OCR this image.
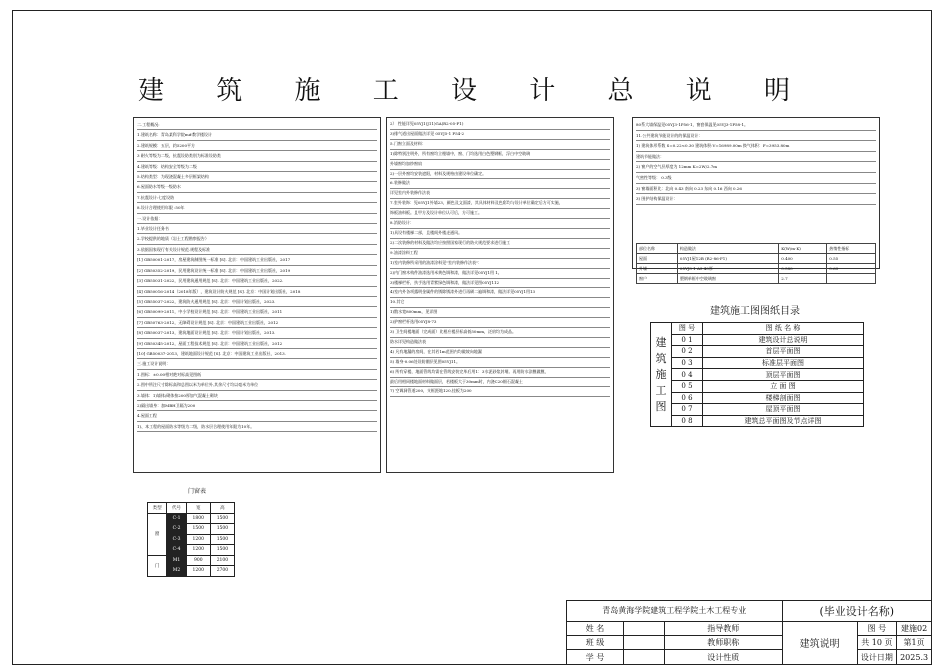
建 筑 施 工 设 计 总 说 明
二.工程概况:
1.建筑名称：青岛某科学院m#教学楼设计
2.建筑规模：五层，约5200平方
3 耐火等级为二级，抗震设防类别为标准设防类
4.建筑等级：结构安全等级为二级
5.结构类型：为现浇混凝土多层框架结构
6.屋面防水等级一级防水
7.抗震设计:七度设防
8.设计合理使用年限 :50年
一.设计依据：
1.毕业设计任务书
2.学校提供的地质（岩土工程勘察报告）
3.依据国家现行有关设计规范.规程及标准
[1] GB50001-2017，房屋建筑制图统一标准 [S]. 北京：中国建筑工业出版社，2017
[2] GB50352-2019，民用建筑设计统一标准 [S]. 北京：中国建筑工业出版社，2019
[3] GB55031-2022，民用建筑通用规范 [S]. 北京：中国建筑工业出版社，2022.
[4] GB50016-2014（2018年版），建筑设计防火规范 [S]. 北京：中国计划出版社，2018
[5] GB55037-2022，建筑防火通用规范 [S]. 北京：中国计划出版社，2023.
[6] GB50099-2011，中小学校设计规范 [S]. 北京：中国建筑工业出版社，2011
[7] GB50763-2012，无障碍设计规范 [S]. 北京：中国建筑工业出版社，2012
[8] GB50037-2013，建筑地面设计规范 [S]. 北京：中国计划出版社，2013.
[9] GB50345-2012，屋面工程技术规范 [S]. 北京：中国建筑工业出版社，2012
[10] GB50037-2013，建筑地面设计规范 [S]. 北京：中国建筑工业出版社，2013.
三.施工设计说明：
1.图标：±0.00相对绝对标高见图纸
2.图中所注尺寸除标高和总图以米为单位外,其余尺寸均以毫米为单位
3.墙体：1)墙体/砌体按200厚加气混凝土砌块
2)隔出墙身：加MBH卫隔为200
4.屋面工程
1)、本工程的屋面防水等级为二级，防水层合理使用年限为10年。
2） 性能详见05YJ1(J11)GA(R2-05-F1)
3)排气道出屋面做法详见 05YJ5-1 P54-2
5.门窗立面及材料：
1)除特别注明外，所有窗均立樘墙中，窗、门均选用白色塑钢框，浮白中空玻璃
外墙窗均加纱窗扇
2)一层外窗均安装遮阳，材料及规格由建设单位确定。
6.装修做法
详见室内外装修作法表
7.室外装饰：见05YJ1外墙23，颜色及文面漆，其具体材料及色彩均与设计单位确定后方可实施，
饰板油料板。且甲方及设计单位认可后，方可施工。
8.消防设计：
1)具设有楼梯二部，且楼间外楼走通风。
2)二次装修的材料及做法均应按照国家现行的防火规范要求进行施工
9.油漆涂料工程
1)室内装修所采用的油漆涂料见"室内装修作法表"：
2)内门窗木构件油漆选用米黄色调和漆，做法详见05YJ1用 1。
3)楼梯栏杆，扶手选用青紫绿色调和漆，做法详见图05YJ112
4)室内外各项露明金属件的锈除锈漆外进行再刷二遍调和漆，做法详见05YJ1用13
10.其它
1)散水宽800mm，见详图
2)护窗栏杆选用05YJ8-73
3) 卫生间楼地面（完成面）比相应楼层标高低50mm，泛肩均为成品。
防水详见构造做法表
4) 凡有地漏的房间，在其若1m范围内均做坡向地漏
5) 墙身-0.06处设防潮层见图05YJ11。
6) 所有穿楼，地面管线均需在管线安装完毕后用1：3水泥砂浆封堵。再用防水涂膜做膜，
最后用相同楼地面材料做面层，若楼板大于30mm时，内浇C20细石混凝土
7) 空调洞管道200，支框距地120,挂板为200
80系大墙保温见05YJ3-1P56-1，窗套保温见05YJ3-1P58-1。
11.公共建筑节能设计的的保温设计：
1) 建筑体形系数 S=0.22<0.30 建筑体积:V=16989.00m 换气体积：F=3953.80m
建筑节能做法：
2) 窗户的空气层厚度为 12mm K=2W/2.7m
气密性等级： 0.3级
3) 窗墙面积比：北向 0.43 南向 0.23 东向 0.16 西向 0.26
3) 围护结构保温设计：
部位名称	构造做法	K(W/m·K)	热惰性指标
屋面	05YJ1屋12B (R2-86-F1)	0.400	0.55
外墙	05YJ3-1 A3 40厚	0.580	0.63
窗户	塑钢单框中空玻璃窗	2.7	
建筑施工图图纸目录
建
筑
施
工
图	图 号	图 纸 名 称
	0 1	建筑设计总说明
	0 2	首层平面图
	0 3	标准层平面图
	0 4	顶层平面图
	0 5	立 面 图
	0 6	楼梯剖面图
	0 7	屋顶平面图
	0 8	建筑总平面图及节点详图
门窗表
类型	代号	宽	高
窗	C-1	1800	1500
	C-2	1500	1500
	C-3	1200	1500
	C-4	1200	1500
门	M1	900	2100
	M2	1200	2700
青岛黄海学院建筑工程学院土木工程专业			(毕业设计名称)		
姓 名		指导教师	建筑说明	图 号	建施02
班 级		教师职称		共 10 页	第1页
学 号		设计性质		设计日期	2025.3
